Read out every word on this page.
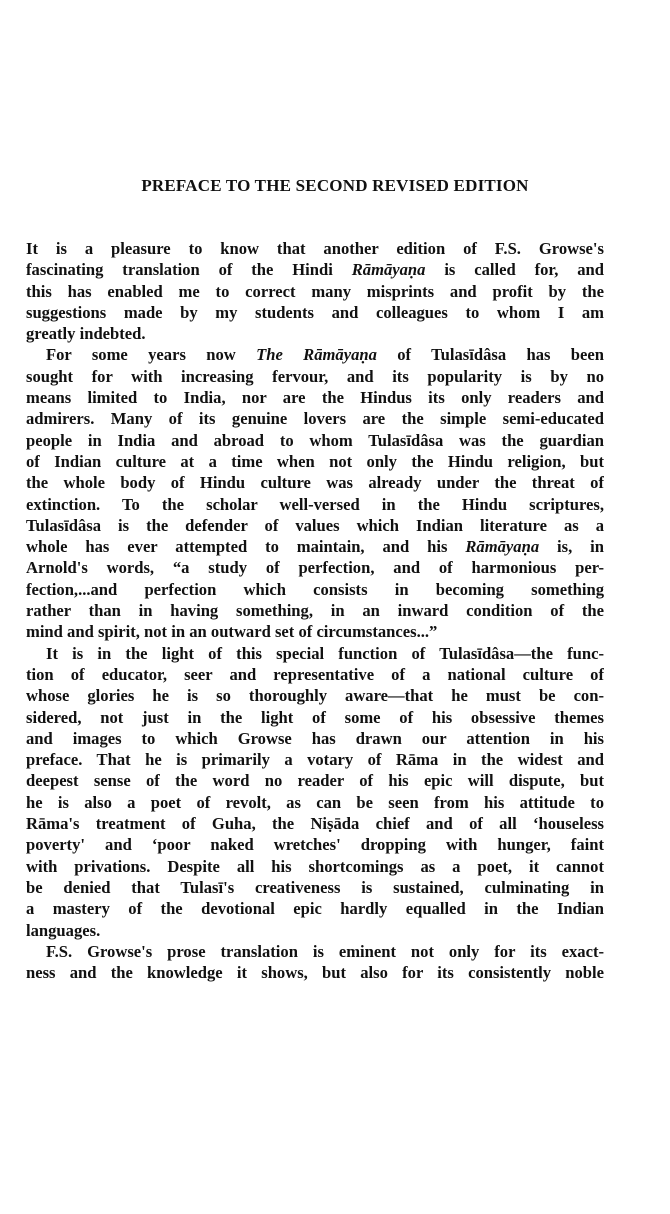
PREFACE TO THE SECOND REVISED EDITION
It is a pleasure to know that another edition of F.S. Growse's
fascinating translation of the Hindi Rāmāyaṇa is called for, and
this has enabled me to correct many misprints and profit by the
suggestions made by my students and colleagues to whom I am
greatly indebted.
For some years now The Rāmāyaṇa of Tulasīdâsa has been
sought for with increasing fervour, and its popularity is by no
means limited to India, nor are the Hindus its only readers and
admirers. Many of its genuine lovers are the simple semi-educated
people in India and abroad to whom Tulasīdâsa was the guardian
of Indian culture at a time when not only the Hindu religion, but
the whole body of Hindu culture was already under the threat of
extinction. To the scholar well-versed in the Hindu scriptures,
Tulasīdâsa is the defender of values which Indian literature as a
whole has ever attempted to maintain, and his Rāmāyaṇa is, in
Arnold's words, “a study of perfection, and of harmonious per-
fection,...and perfection which consists in becoming something
rather than in having something, in an inward condition of the
mind and spirit, not in an outward set of circumstances...”
It is in the light of this special function of Tulasīdâsa—the func-
tion of educator, seer and representative of a national culture of
whose glories he is so thoroughly aware—that he must be con-
sidered, not just in the light of some of his obsessive themes
and images to which Growse has drawn our attention in his
preface. That he is primarily a votary of Rāma in the widest and
deepest sense of the word no reader of his epic will dispute, but
he is also a poet of revolt, as can be seen from his attitude to
Rāma's treatment of Guha, the Niṣāda chief and of all ‘houseless
poverty' and ‘poor naked wretches' dropping with hunger, faint
with privations. Despite all his shortcomings as a poet, it cannot
be denied that Tulasī's creativeness is sustained, culminating in
a mastery of the devotional epic hardly equalled in the Indian
languages.
F.S. Growse's prose translation is eminent not only for its exact-
ness and the knowledge it shows, but also for its consistently noble
